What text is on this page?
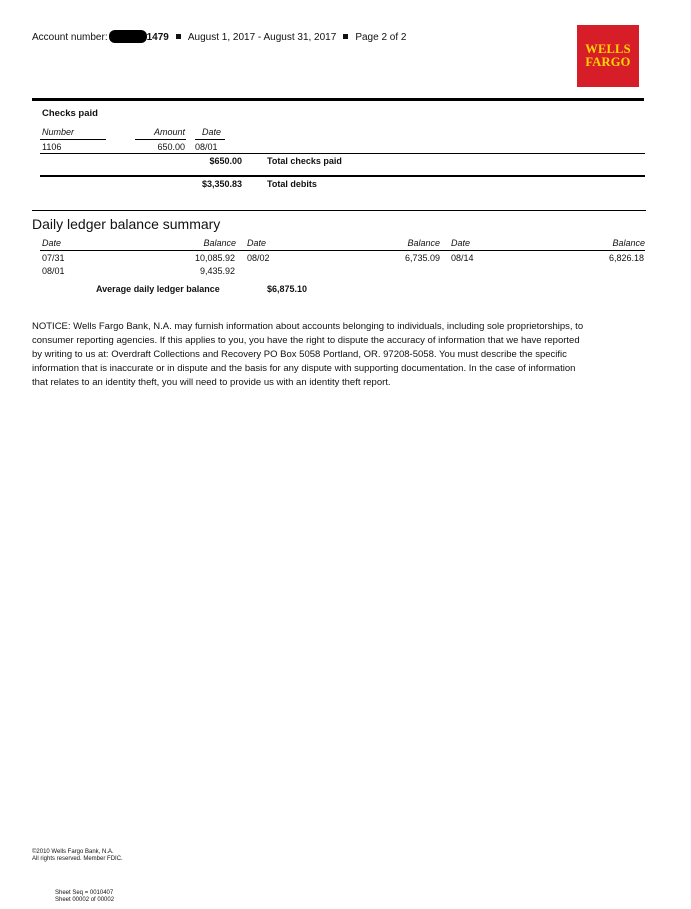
Account number:	1479 August 1, 2017 - August 31, 2017 Page 2 of 2
WELLS
FARGO
Checks paid
Number	Amount Date
1106	650.00 08/01
$650.00	Total checks paid
$3,350.83	Total debits
Daily ledger balance summary
Date	Balance Date	Balance Date	Balance
07/31	10,085.92 08/02	6,735.09 08/14	6,826.18
08/01	9,435.92
Average daily ledger balance	$6,875.10
NOTICE: Wells Fargo Bank, N.A. may furnish information about accounts belonging to individuals, including sole proprietorships, to consumer reporting agencies. If this applies to you, you have the right to dispute the accuracy of information that we have reported by writing to us at: Overdraft Collections and Recovery PO Box 5058 Portland, OR. 97208-5058. You must describe the specific information that is inaccurate or in dispute and the basis for any dispute with supporting documentation. In the case of information that relates to an identity theft, you will need to provide us with an identity theft report.
©2010 Wells Fargo Bank, N.A.
All rights reserved. Member FDIC.
Sheet Seq = 0010407
Sheet 00002 of 00002
